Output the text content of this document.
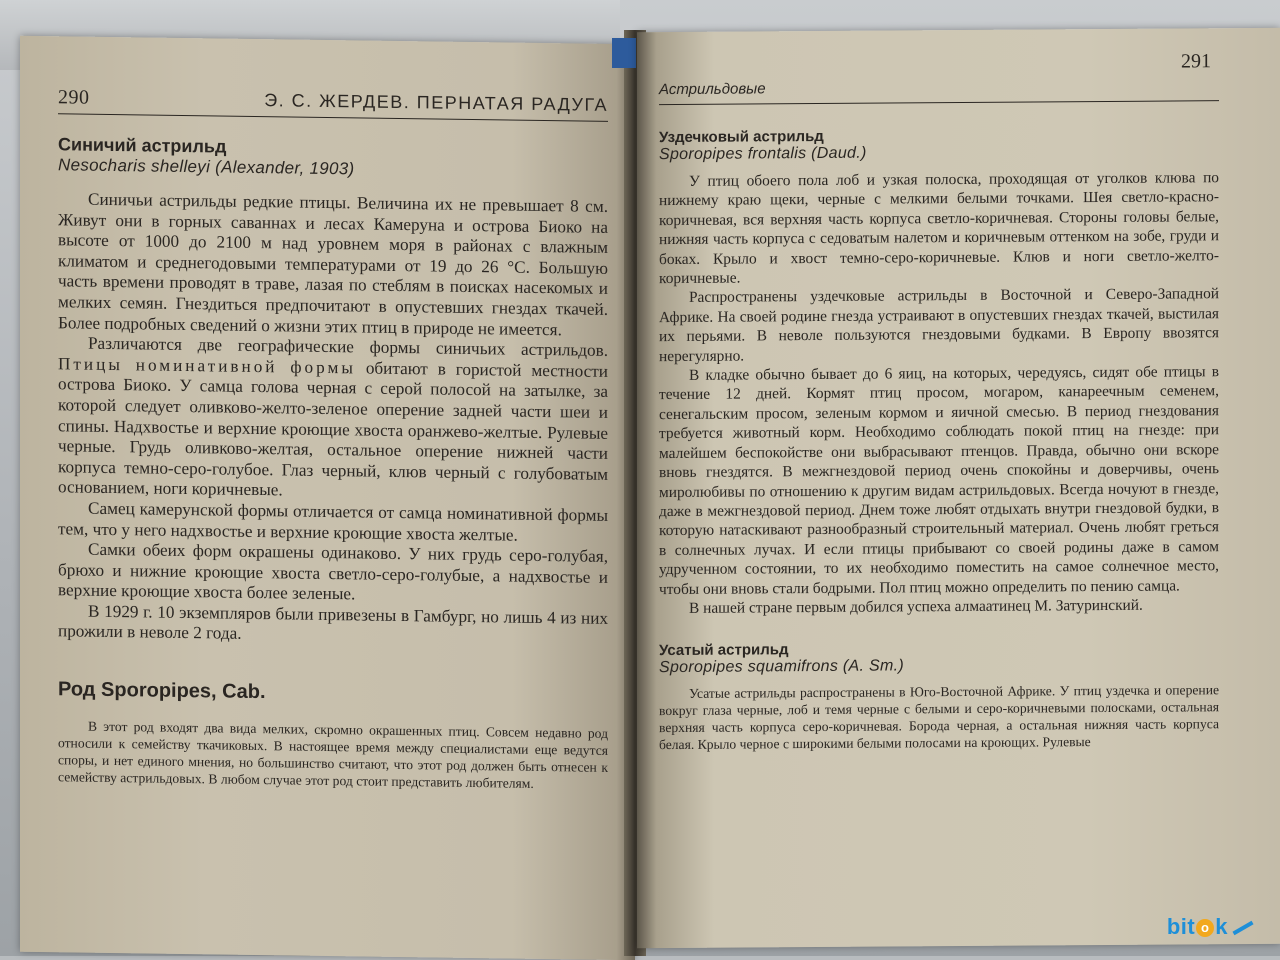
290	Э. С. ЖЕРДЕВ. ПЕРНАТАЯ РАДУГА
Синичий астрильд
Nesocharis shelleyi (Alexander, 1903)

Синичьи астрильды редкие птицы. Величина их не превышает 8 см. Живут они в горных саваннах и лесах Камеруна и острова Биоко на высоте от 1000 до 2100 м над уровнем моря в районах с влажным климатом и среднегодовыми температурами от 19 до 26 °С. Большую часть времени проводят в траве, лазая по стеблям в поисках насекомых и мелких семян. Гнездиться предпочитают в опустевших гнездах ткачей. Более подробных сведений о жизни этих птиц в природе не имеется.

Различаются две географические формы синичьих астрильдов. Птицы номинативной формы обитают в гористой местности острова Биоко. У самца голова черная с серой полосой на затылке, за которой следует оливково-желто-зеленое оперение задней части шеи и спины. Надхвостье и верхние кроющие хвоста оранжево-желтые. Рулевые черные. Грудь оливково-желтая, остальное оперение нижней части корпуса темно-серо-голубое. Глаз черный, клюв черный с голубоватым основанием, ноги коричневые.

Самец камерунской формы отличается от самца номинативной формы тем, что у него надхвостье и верхние кроющие хвоста желтые.

Самки обеих форм окрашены одинаково. У них грудь серо-голубая, брюхо и нижние кроющие хвоста светло-серо-голубые, а надхвостье и верхние кроющие хвоста более зеленые.

В 1929 г. 10 экземпляров были привезены в Гамбург, но лишь 4 из них прожили в неволе 2 года.

Род Sporopipes, Cab.

В этот род входят два вида мелких, скромно окрашенных птиц. Совсем недавно род относили к семейству ткачиковых. В настоящее время между специалистами еще ведутся споры, и нет единого мнения, но большинство считают, что этот род должен быть отнесен к семейству астрильдовых. В любом случае этот род стоит представить любителям.

291
Астрильдовые
Уздечковый астрильд
Sporopipes frontalis (Daud.)

У птиц обоего пола лоб и узкая полоска, проходящая от уголков клюва по нижнему краю щеки, черные с мелкими белыми точками. Шея светло-красно-коричневая, вся верхняя часть корпуса светло-коричневая. Стороны головы белые, нижняя часть корпуса с седоватым налетом и коричневым оттенком на зобе, груди и боках. Крыло и хвост темно-серо-коричневые. Клюв и ноги светло-желто-коричневые.

Распространены уздечковые астрильды в Восточной и Северо-Западной Африке. На своей родине гнезда устраивают в опустевших гнездах ткачей, выстилая их перьями. В неволе пользуются гнездовыми будками. В Европу ввозятся нерегулярно.

В кладке обычно бывает до 6 яиц, на которых, чередуясь, сидят обе птицы в течение 12 дней. Кормят птиц просом, могаром, канареечным семенем, сенегальским просом, зеленым кормом и яичной смесью. В период гнездования требуется животный корм. Необходимо соблюдать покой птиц на гнезде: при малейшем беспокойстве они выбрасывают птенцов. Правда, обычно они вскоре вновь гнездятся. В межгнездовой период очень спокойны и доверчивы, очень миролюбивы по отношению к другим видам астрильдовых. Всегда ночуют в гнезде, даже в межгнездовой период. Днем тоже любят отдыхать внутри гнездовой будки, в которую натаскивают разнообразный строительный материал. Очень любят греться в солнечных лучах. И если птицы прибывают со своей родины даже в самом удрученном состоянии, то их необходимо поместить на самое солнечное место, чтобы они вновь стали бодрыми. Пол птиц можно определить по пению самца.

В нашей стране первым добился успеха алмаатинец М. Затуринский.

Усатый астрильд
Sporopipes squamifrons (A. Sm.)

Усатые астрильды распространены в Юго-Восточной Африке. У птиц уздечка и оперение вокруг глаза черные, лоб и темя черные с белыми и серо-коричневыми полосками, остальная верхняя часть корпуса серо-коричневая. Борода черная, а остальная нижняя часть корпуса белая. Крыло черное с широкими белыми полосами на кроющих. Рулевые

bit o k
